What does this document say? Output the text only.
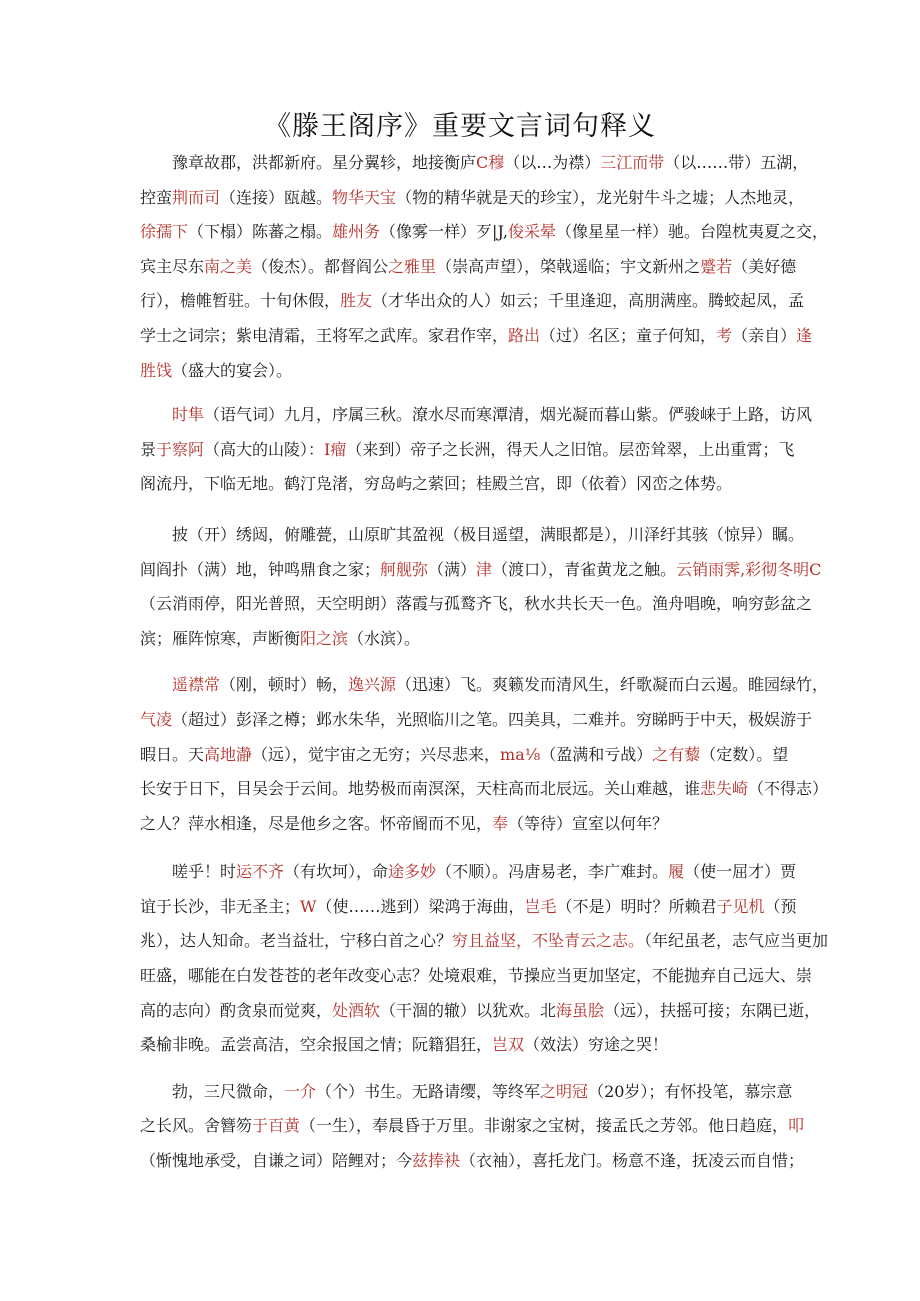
《滕王阁序》重要文言词句释义

豫章故郡，洪都新府。星分翼轸，地接衡庐C穆（以…为襟）三江而带（以……带）五湖，

控蛮荆而司（连接）瓯越。物华天宝（物的精华就是天的珍宝），龙光射牛斗之墟；人杰地灵，

徐孺下（下榻）陈蕃之榻。雄州务（像雾一样）歹|J,俊采晕（像星星一样）驰。台隍枕夷夏之交，

宾主尽东南之美（俊杰）。都督阎公之雅里（崇高声望），棨戟遥临；宇文新州之蹙若（美好德

行），檐帷暂驻。十旬休假，胜友（才华出众的人）如云；千里逢迎，高朋满座。腾蛟起凤，孟

学士之词宗；紫电清霜，王将军之武库。家君作宰，路出（过）名区；童子何知，考（亲自）逢

胜饯（盛大的宴会）。

时隼（语气词）九月，序属三秋。潦水尽而寒潭清，烟光凝而暮山紫。俨骏崃于上路，访风

景于察阿（高大的山陵）：I瘤（来到）帝子之长洲，得天人之旧馆。层峦耸翠，上出重霄；飞

阁流丹，下临无地。鹤汀凫渚，穷岛屿之萦回；桂殿兰宫，即（依着）冈峦之体势。

披（开）绣闼，俯雕甍，山原旷其盈视（极目遥望，满眼都是），川泽纡其骇（惊异）瞩。

闾阎扑（满）地，钟鸣鼎食之家；舸舰弥（满）津（渡口），青雀黄龙之触。云销雨霁,彩彻冬明C

（云消雨停，阳光普照，天空明朗）落霞与孤鹜齐飞，秋水共长天一色。渔舟唱晚，响穷彭盆之

滨；雁阵惊寒，声断衡阳之滨（水滨）。

遥襟常（刚，顿时）畅，逸兴源（迅速）飞。爽籁发而清风生，纤歌凝而白云遏。睢园绿竹，

气凌（超过）彭泽之樽；邺水朱华，光照临川之笔。四美具，二难并。穷睇眄于中天，极娱游于

暇日。天高地瀞（远），觉宇宙之无穷；兴尽悲来，ma⅛（盈满和亏战）之有藜（定数）。望

长安于日下，目吴会于云间。地势极而南溟深，天柱高而北辰远。关山难越，谁悲失崎（不得志）

之人？萍水相逢，尽是他乡之客。怀帝阍而不见，奉（等待）宣室以何年？

嗟乎！时运不齐（有坎坷），命途多妙（不顺）。冯唐易老，李广难封。履（使一屈才）贾

谊于长沙，非无圣主；W（使……逃到）梁鸿于海曲，岂毛（不是）明时？所赖君子见机（预

兆），达人知命。老当益壮，宁移白首之心？穷且益坚，不坠青云之志。（年纪虽老，志气应当更加

旺盛，哪能在白发苍苍的老年改变心志？处境艰难，节操应当更加坚定，不能抛弃自己远大、崇

高的志向）酌贪泉而觉爽，处酒软（干涸的辙）以犹欢。北海虽脍（远），扶摇可接；东隅已逝，

桑榆非晚。孟尝高洁，空余报国之情；阮籍猖狂，岂双（效法）穷途之哭！

勃，三尺微命，一介（个）书生。无路请缨，等终军之明冠（20岁）；有怀投笔，慕宗意

之长风。舍簪笏于百黄（一生），奉晨昏于万里。非谢家之宝树，接孟氏之芳邻。他日趋庭，叩

（惭愧地承受，自谦之词）陪鲤对；今兹捧袂（衣袖），喜托龙门。杨意不逢，抚凌云而自惜；
